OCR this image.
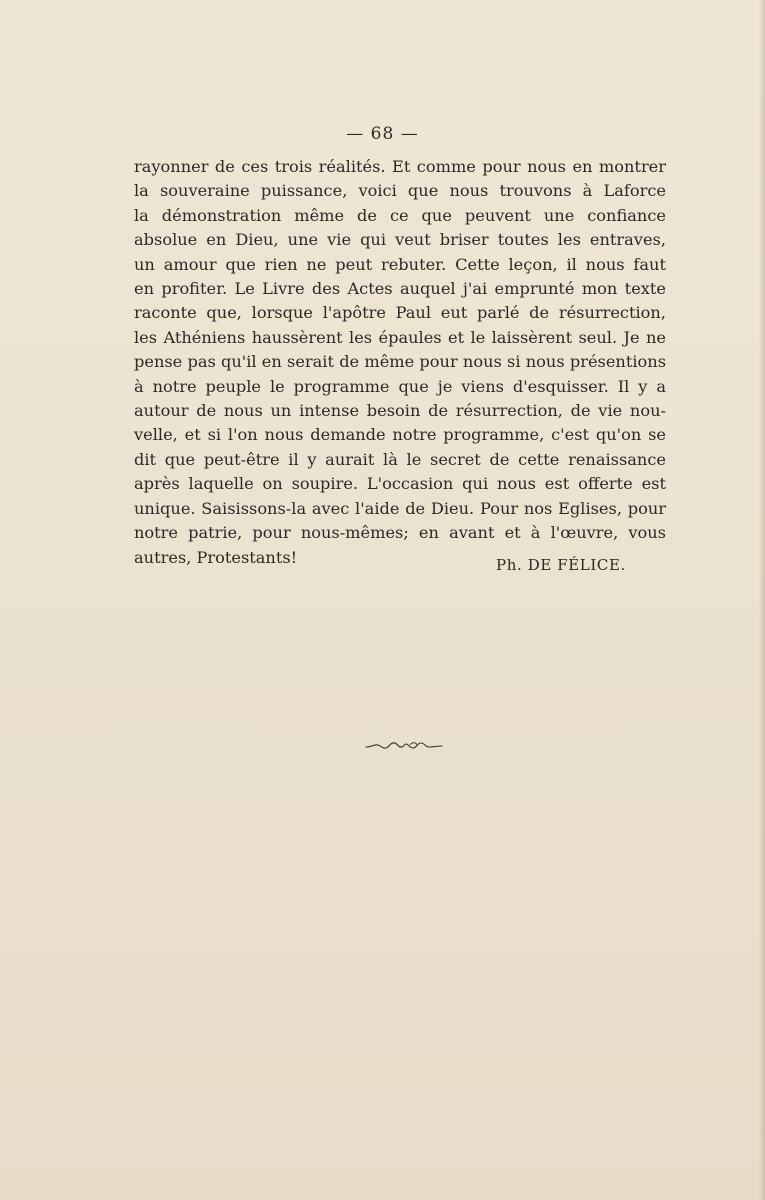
— 68 —
rayonner de ces trois réalités. Et comme pour nous en montrer
la souveraine puissance, voici que nous trouvons à Laforce
la démonstration même de ce que peuvent une confiance
absolue en Dieu, une vie qui veut briser toutes les entraves,
un amour que rien ne peut rebuter. Cette leçon, il nous faut
en profiter. Le Livre des Actes auquel j'ai emprunté mon texte
raconte que, lorsque l'apôtre Paul eut parlé de résurrection,
les Athéniens haussèrent les épaules et le laissèrent seul. Je ne
pense pas qu'il en serait de même pour nous si nous présentions
à notre peuple le programme que je viens d'esquisser. Il y a
autour de nous un intense besoin de résurrection, de vie nou-
velle, et si l'on nous demande notre programme, c'est qu'on se
dit que peut-être il y aurait là le secret de cette renaissance
après laquelle on soupire. L'occasion qui nous est offerte est
unique. Saisissons-la avec l'aide de Dieu. Pour nos Eglises, pour
notre patrie, pour nous-mêmes; en avant et à l'œuvre, vous
autres, Protestants!	Ph. DE FÉLICE.
